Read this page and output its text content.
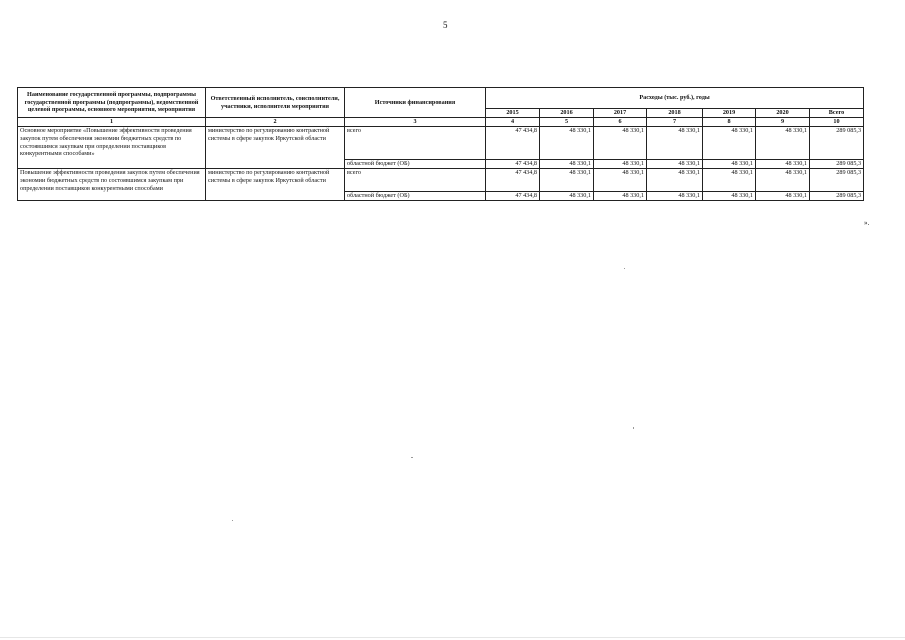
5
Наименование государственной программы, подпрограммы государственной программы (подпрограммы), ведомственной целевой программы, основного мероприятия, мероприятия	Ответственный исполнитель, соисполнители, участники, исполнители мероприятия	Источники финансирования	Расходы (тыс. руб.), годы						
			2015	2016	2017	2018	2019	2020	Всего
1	2	3	4	5	6	7	8	9	10
Основное мероприятие «Повышение эффективности проведения закупок путем обеспечения экономии бюджетных средств по состоявшимся закупкам при определении поставщиков конкурентными способами»	министерство по регулированию контрактной системы в сфере закупок Иркутской области	всего	47 434,8	48 330,1	48 330,1	48 330,1	48 330,1	48 330,1	289 085,3
		областной бюджет (ОБ)	47 434,8	48 330,1	48 330,1	48 330,1	48 330,1	48 330,1	289 085,3
Повышение эффективности проведения закупок путем обеспечения экономии бюджетных средств по состоявшимся закупкам при определении поставщиков конкурентными способами	министерство по регулированию контрактной системы в сфере закупок Иркутской области	всего	47 434,8	48 330,1	48 330,1	48 330,1	48 330,1	48 330,1	289 085,3
		областной бюджет (ОБ)	47 434,8	48 330,1	48 330,1	48 330,1	48 330,1	48 330,1	289 085,3
».
